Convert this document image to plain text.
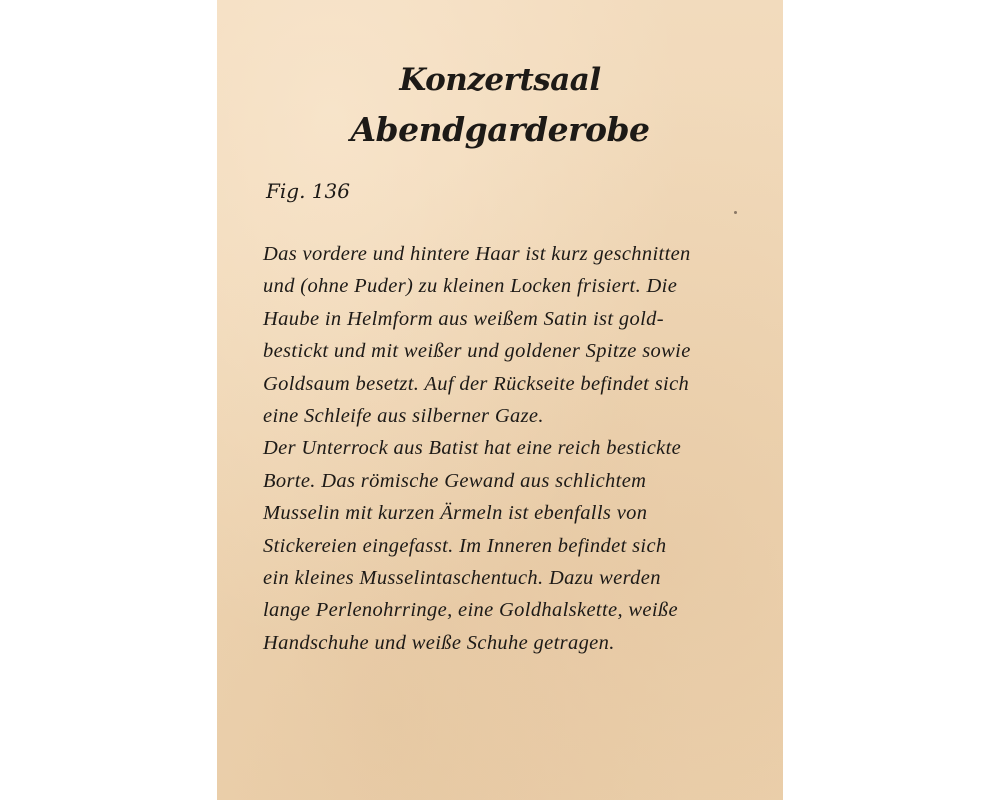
Konzertsaal
Abendgarderobe
Fig. 136
Das vordere und hintere Haar ist kurz geschnitten
und (ohne Puder) zu kleinen Locken frisiert. Die
Haube in Helmform aus weißem Satin ist gold-
bestickt und mit weißer und goldener Spitze sowie
Goldsaum besetzt. Auf der Rückseite befindet sich
eine Schleife aus silberner Gaze.
Der Unterrock aus Batist hat eine reich bestickte
Borte. Das römische Gewand aus schlichtem
Musselin mit kurzen Ärmeln ist ebenfalls von
Stickereien eingefasst. Im Inneren befindet sich
ein kleines Musselintaschentuch. Dazu werden
lange Perlenohrringe, eine Goldhalskette, weiße
Handschuhe und weiße Schuhe getragen.
